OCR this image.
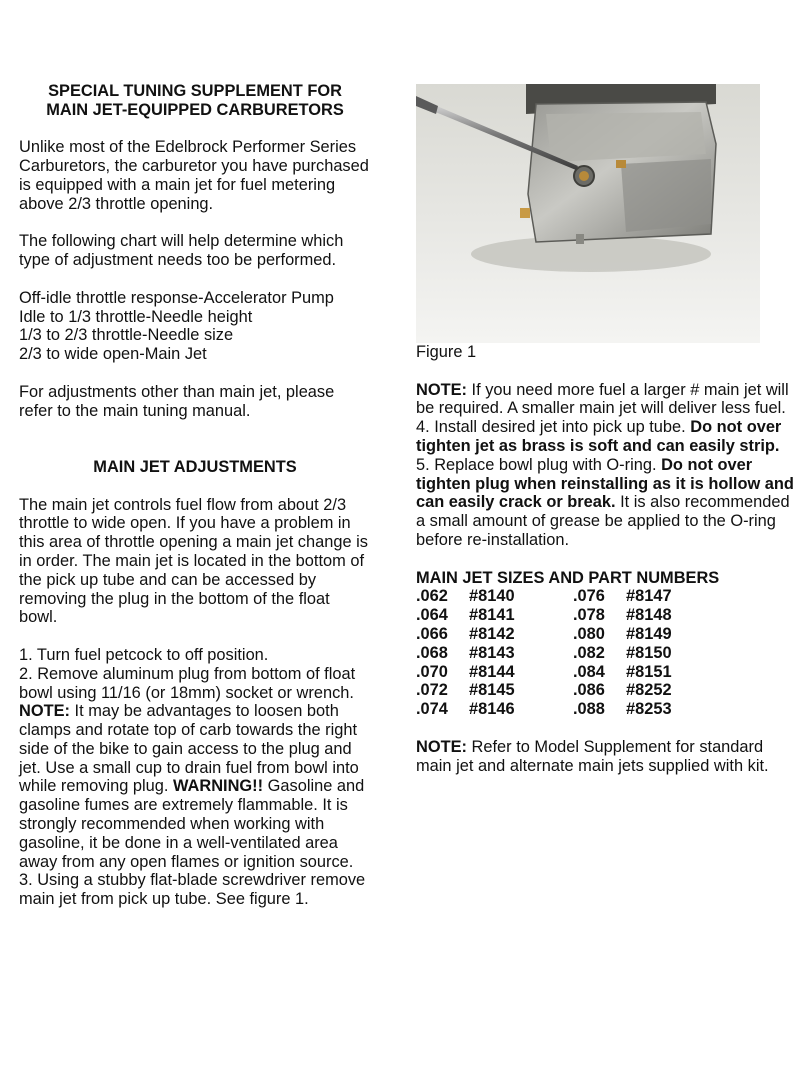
SPECIAL TUNING SUPPLEMENT FOR
MAIN JET-EQUIPPED CARBURETORS

Unlike most of the Edelbrock Performer Series Carburetors, the carburetor you have purchased is equipped with a main jet for fuel metering above 2/3 throttle opening.

The following chart will help determine which type of adjustment needs too be performed.

Off-idle throttle response-Accelerator Pump
Idle to 1/3 throttle-Needle height
1/3 to 2/3 throttle-Needle size
2/3 to wide open-Main Jet

For adjustments other than main jet, please refer to the main tuning manual.

MAIN JET ADJUSTMENTS

The main jet controls fuel flow from about 2/3 throttle to wide open. If you have a problem in this area of throttle opening a main jet change is in order. The main jet is located in the bottom of the pick up tube and can be accessed by removing the plug in the bottom of the float bowl.

1. Turn fuel petcock to off position.

2. Remove aluminum plug from bottom of float bowl using 11/16 (or 18mm) socket or wrench. NOTE: It may be advantages to loosen both clamps and rotate top of carb towards the right side of the bike to gain access to the plug and jet. Use a small cup to drain fuel from bowl into while removing plug. WARNING!! Gasoline and gasoline fumes are extremely flammable. It is strongly recommended when working with gasoline, it be done in a well-ventilated area away from any open flames or ignition source.

3. Using a stubby flat-blade screwdriver remove main jet from pick up tube. See figure 1.

Figure 1

NOTE: If you need more fuel a larger # main jet will be required. A smaller main jet will deliver less fuel.

4. Install desired jet into pick up tube. Do not over tighten jet as brass is soft and can easily strip.

5. Replace bowl plug with O-ring. Do not over tighten plug when reinstalling as it is hollow and can easily crack or break. It is also recommended a small amount of grease be applied to the O-ring before re-installation.

MAIN JET SIZES AND PART NUMBERS
.062	#8140	.076	#8147
.064	#8141	.078	#8148
.066	#8142	.080	#8149
.068	#8143	.082	#8150
.070	#8144	.084	#8151
.072	#8145	.086	#8252
.074	#8146	.088	#8253

NOTE: Refer to Model Supplement for standard main jet and alternate main jets supplied with kit.
